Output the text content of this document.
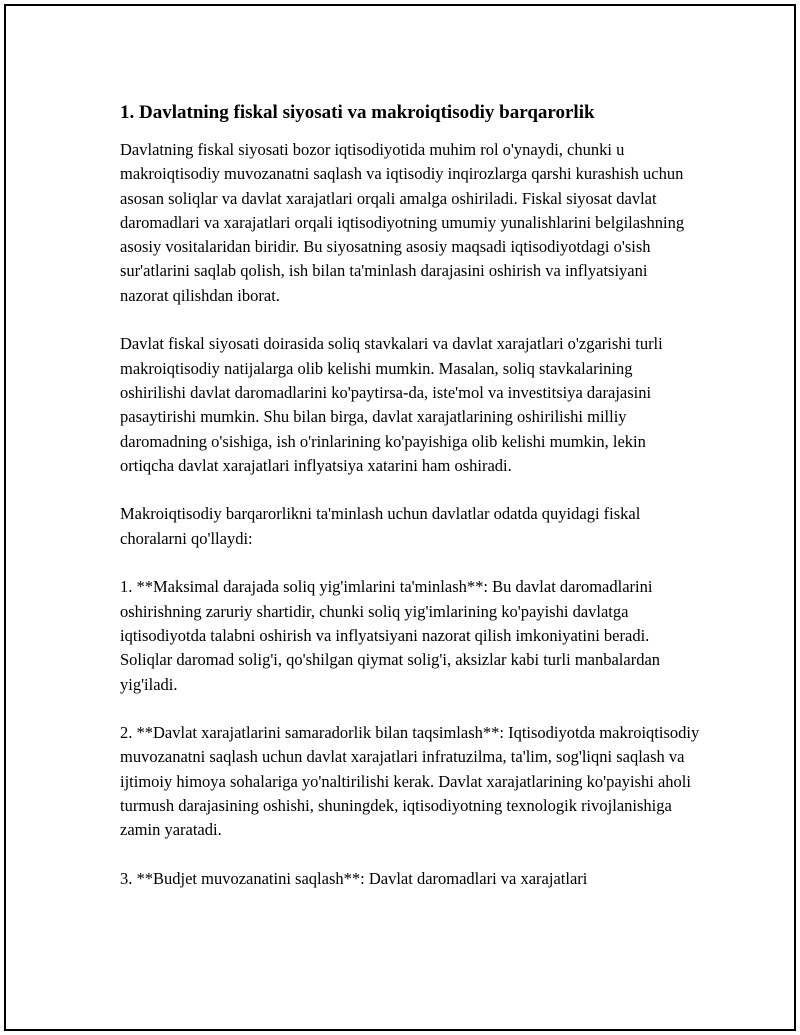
1. Davlatning fiskal siyosati va makroiqtisodiy barqarorlik

Davlatning fiskal siyosati bozor iqtisodiyotida muhim rol o'ynaydi, chunki u makroiqtisodiy muvozanatni saqlash va iqtisodiy inqirozlarga qarshi kurashish uchun asosan soliqlar va davlat xarajatlari orqali amalga oshiriladi. Fiskal siyosat davlat daromadlari va xarajatlari orqali iqtisodiyotning umumiy yunalishlarini belgilashning asosiy vositalaridan biridir. Bu siyosatning asosiy maqsadi iqtisodiyotdagi o'sish sur'atlarini saqlab qolish, ish bilan ta'minlash darajasini oshirish va inflyatsiyani nazorat qilishdan iborat.

Davlat fiskal siyosati doirasida soliq stavkalari va davlat xarajatlari o'zgarishi turli makroiqtisodiy natijalarga olib kelishi mumkin. Masalan, soliq stavkalarining oshirilishi davlat daromadlarini ko'paytirsa-da, iste'mol va investitsiya darajasini pasaytirishi mumkin. Shu bilan birga, davlat xarajatlarining oshirilishi milliy daromadning o'sishiga, ish o'rinlarining ko'payishiga olib kelishi mumkin, lekin ortiqcha davlat xarajatlari inflyatsiya xatarini ham oshiradi.

Makroiqtisodiy barqarorlikni ta'minlash uchun davlatlar odatda quyidagi fiskal choralarni qo'llaydi:

1. **Maksimal darajada soliq yig'imlarini ta'minlash**: Bu davlat daromadlarini oshirishning zaruriy shartidir, chunki soliq yig'imlarining ko'payishi davlatga iqtisodiyotda talabni oshirish va inflyatsiyani nazorat qilish imkoniyatini beradi. Soliqlar daromad solig'i, qo'shilgan qiymat solig'i, aksizlar kabi turli manbalardan yig'iladi.

2. **Davlat xarajatlarini samaradorlik bilan taqsimlash**: Iqtisodiyotda makroiqtisodiy muvozanatni saqlash uchun davlat xarajatlari infratuzilma, ta'lim, sog'liqni saqlash va ijtimoiy himoya sohalariga yo'naltirilishi kerak. Davlat xarajatlarining ko'payishi aholi turmush darajasining oshishi, shuningdek, iqtisodiyotning texnologik rivojlanishiga zamin yaratadi.

3. **Budjet muvozanatini saqlash**: Davlat daromadlari va xarajatlari
